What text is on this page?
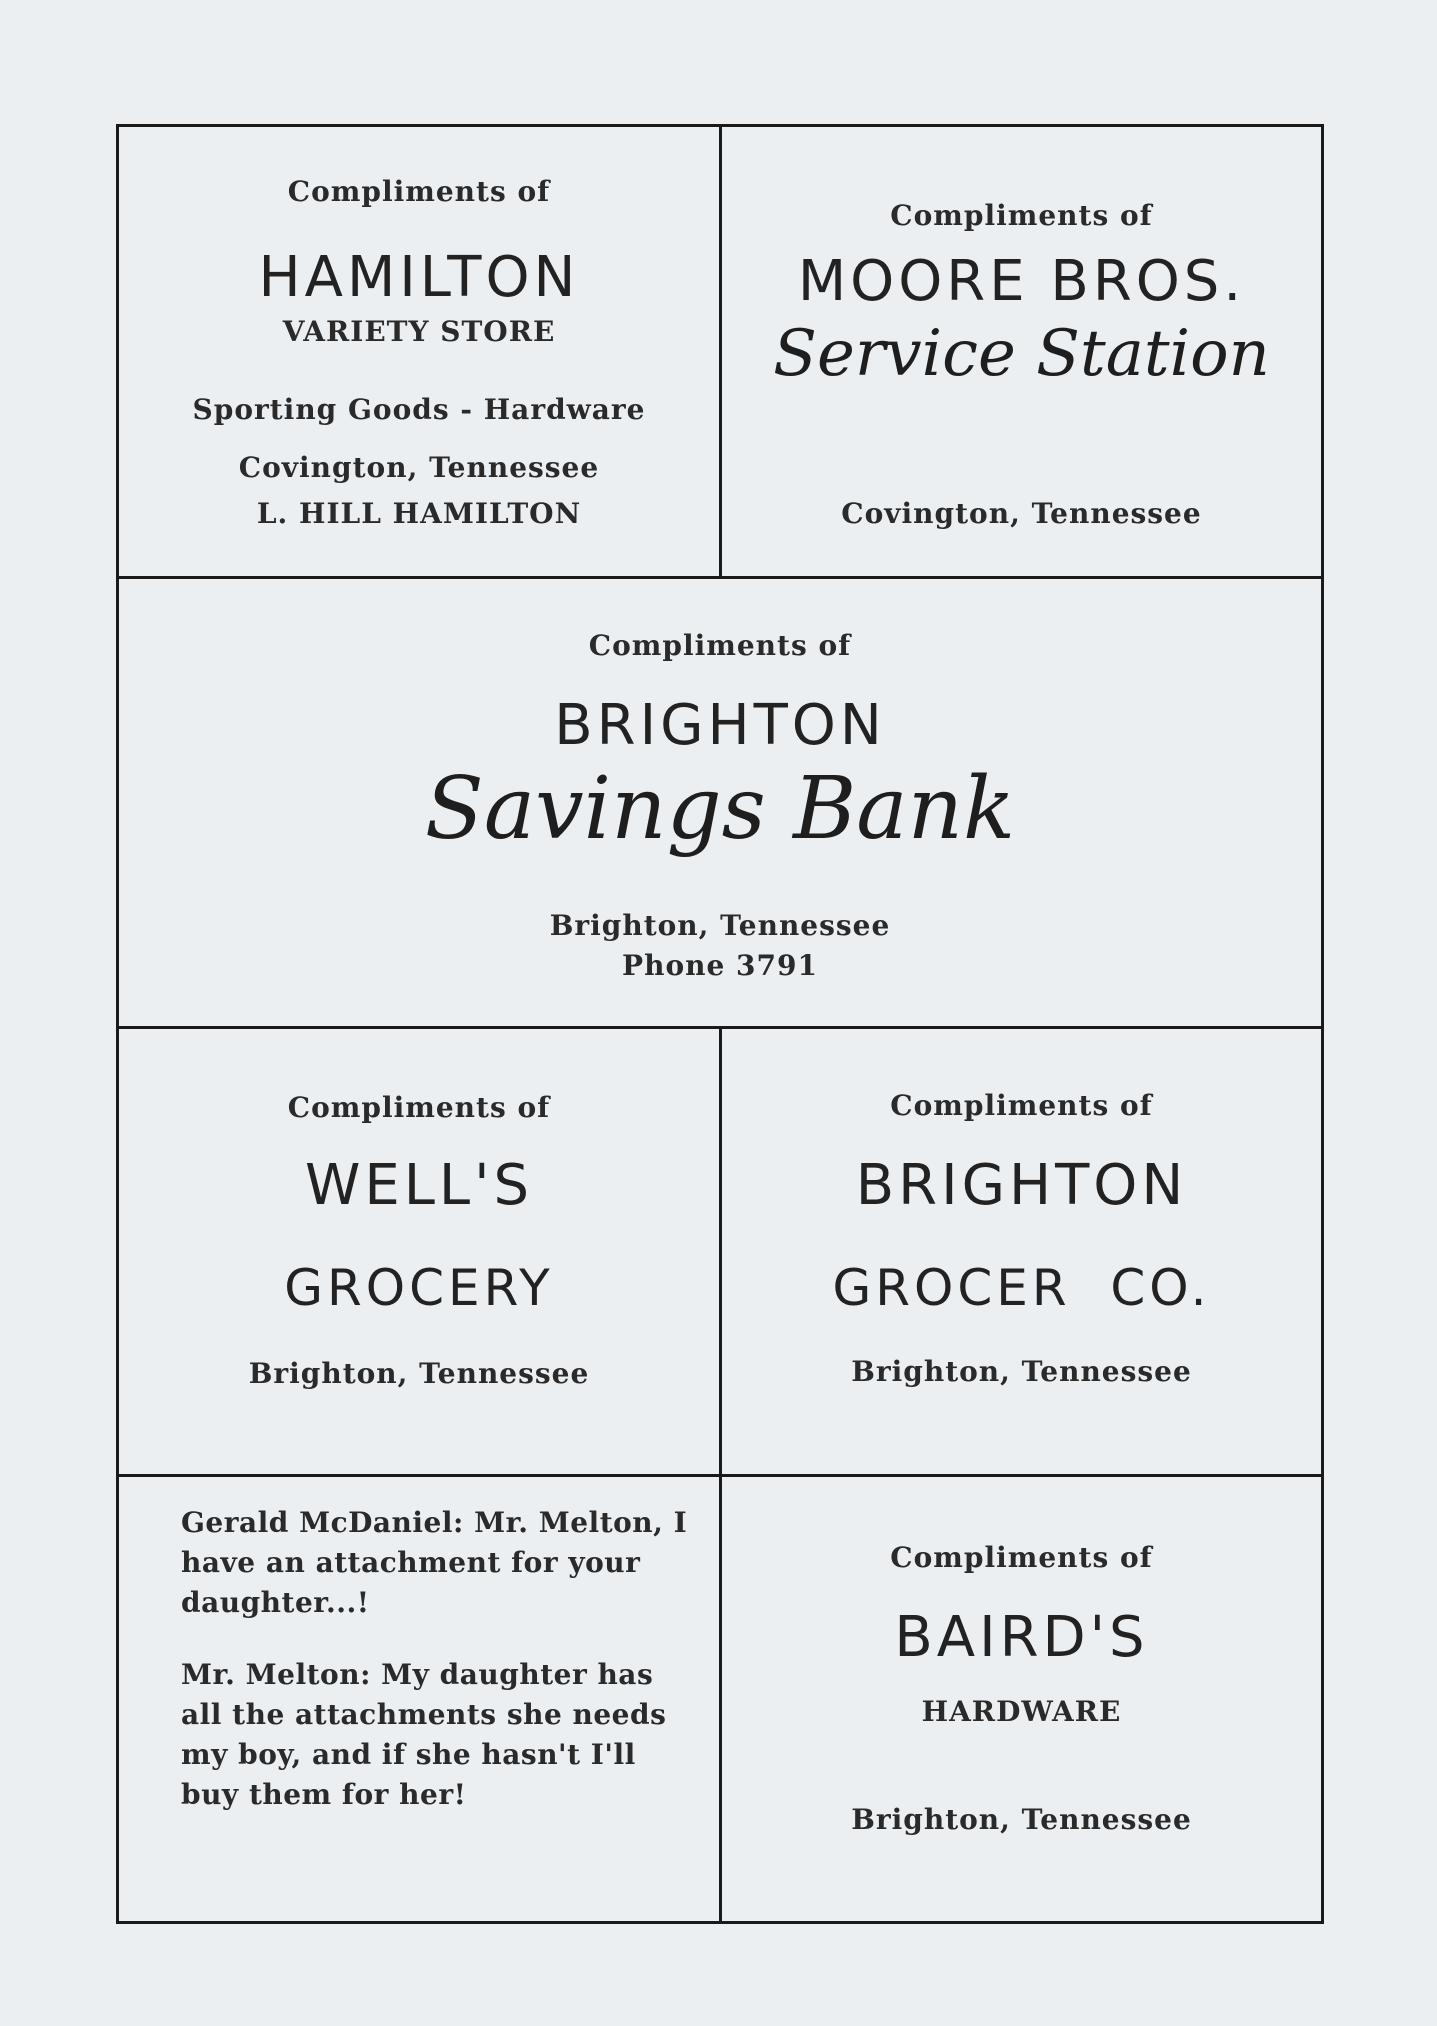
Compliments of
HAMILTON
VARIETY STORE
Sporting Goods - Hardware
Covington, Tennessee
L. HILL HAMILTON
Compliments of
MOORE BROS.
Service Station
Covington, Tennessee
Compliments of
BRIGHTON
Savings Bank
Brighton, Tennessee
Phone 3791
Compliments of
WELL'S
GROCERY
Brighton, Tennessee
Compliments of
BRIGHTON
GROCER  CO.
Brighton, Tennessee
Gerald McDaniel: Mr. Melton, I have an attachment for your daughter...!
Mr. Melton: My daughter has all the attachments she needs my boy, and if she hasn't I'll buy them for her!
Compliments of
BAIRD'S
HARDWARE
Brighton, Tennessee
